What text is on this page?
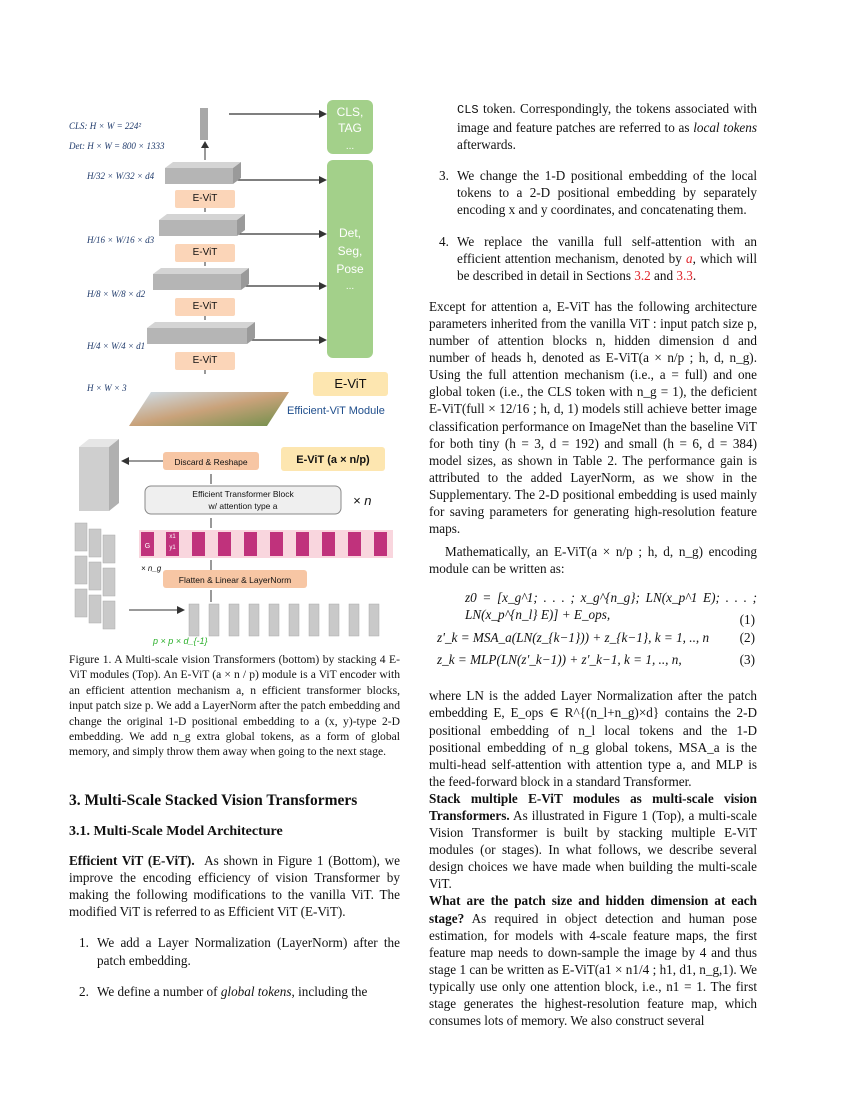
CLS: H × W = 224²
Det: H × W = 800 × 1333
H/32 × W/32 × d4
H/16 × W/16 × d3
H/8 × W/8 × d2
H/4 × W/4 × d1
H × W × 3
E-ViT
E-ViT
E-ViT
E-ViT
CLS, TAG
...
Det, Seg, Pose
...
E-ViT
Efficient-ViT Module
E-ViT (a × n/p)
Discard & Reshape
Efficient Transformer Block
w/ attention type a	× n
Flatten & Linear & LayerNorm
× n_g
G
x1
y1
p × p × d_{-1}
Figure 1. A Multi-scale vision Transformers (bottom) by stacking 4 E-ViT modules (Top). An E-ViT (a × n / p) module is a ViT encoder with an efficient attention mechanism a, n efficient transformer blocks, input patch size p. We add a LayerNorm after the patch embedding and change the original 1-D positional embedding to a (x, y)-type 2-D embedding. We add n_g extra global tokens, as a form of global memory, and simply throw them away when going to the next stage.
3. Multi-Scale Stacked Vision Transformers
3.1. Multi-Scale Model Architecture

Efficient ViT (E-ViT). As shown in Figure 1 (Bottom), we improve the encoding efficiency of vision Transformer by making the following modifications to the vanilla ViT. The modified ViT is referred to as Efficient ViT (E-ViT).

1. We add a Layer Normalization (LayerNorm) after the patch embedding.
2. We define a number of global tokens, including the

CLS token. Correspondingly, the tokens associated with image and feature patches are referred to as local tokens afterwards.

3. We change the 1-D positional embedding of the local tokens to a 2-D positional embedding by separately encoding x and y coordinates, and concatenating them.
4. We replace the vanilla full self-attention with an efficient attention mechanism, denoted by a, which will be described in detail in Sections 3.2 and 3.3.

Except for attention a, E-ViT has the following architecture parameters inherited from the vanilla ViT : input patch size p, number of attention blocks n, hidden dimension d and number of heads h, denoted as E-ViT(a × n/p ; h, d, n_g). Using the full attention mechanism (i.e., a = full) and one global token (i.e., the CLS token with n_g = 1), the deficient E-ViT(full × 12/16 ; h, d, 1) models still achieve better image classification performance on ImageNet than the baseline ViT for both tiny (h = 3, d = 192) and small (h = 6, d = 384) model sizes, as shown in Table 2. The performance gain is attributed to the added LayerNorm, as we show in the Supplementary. The 2-D positional embedding is used mainly for saving parameters for generating high-resolution feature maps.

Mathematically, an E-ViT(a × n/p ; h, d, n_g) encoding module can be written as:

z0 = [x_g^1; . . . ; x_g^{n_g}; LN(x_p^1 E); . . . ; LN(x_p^{n_l} E)] + E_ops,	(1)
z'_k = MSA_a(LN(z_{k−1})) + z_{k−1}, k = 1, .., n (2)
z_k = MLP(LN(z'_k−1)) + z'_k−1, k = 1, .., n,	(3)

where LN is the added Layer Normalization after the patch embedding E, E_ops ∈ R^{(n_l+n_g)×d} contains the 2-D positional embedding of n_l local tokens and the 1-D positional embedding of n_g global tokens, MSA_a is the multi-head self-attention with attention type a, and MLP is the feed-forward block in a standard Transformer.

Stack multiple E-ViT modules as multi-scale vision Transformers. As illustrated in Figure 1 (Top), a multi-scale Vision Transformer is built by stacking multiple E-ViT modules (or stages). In what follows, we describe several design choices we have made when building the multi-scale ViT.

What are the patch size and hidden dimension at each stage? As required in object detection and human pose estimation, for models with 4-scale feature maps, the first feature map needs to down-sample the image by 4 and thus stage 1 can be written as E-ViT(a1 × n1/4 ; h1, d1, n_g,1). We typically use only one attention block, i.e., n1 = 1. The first stage generates the highest-resolution feature map, which consumes lots of memory. We also construct several
